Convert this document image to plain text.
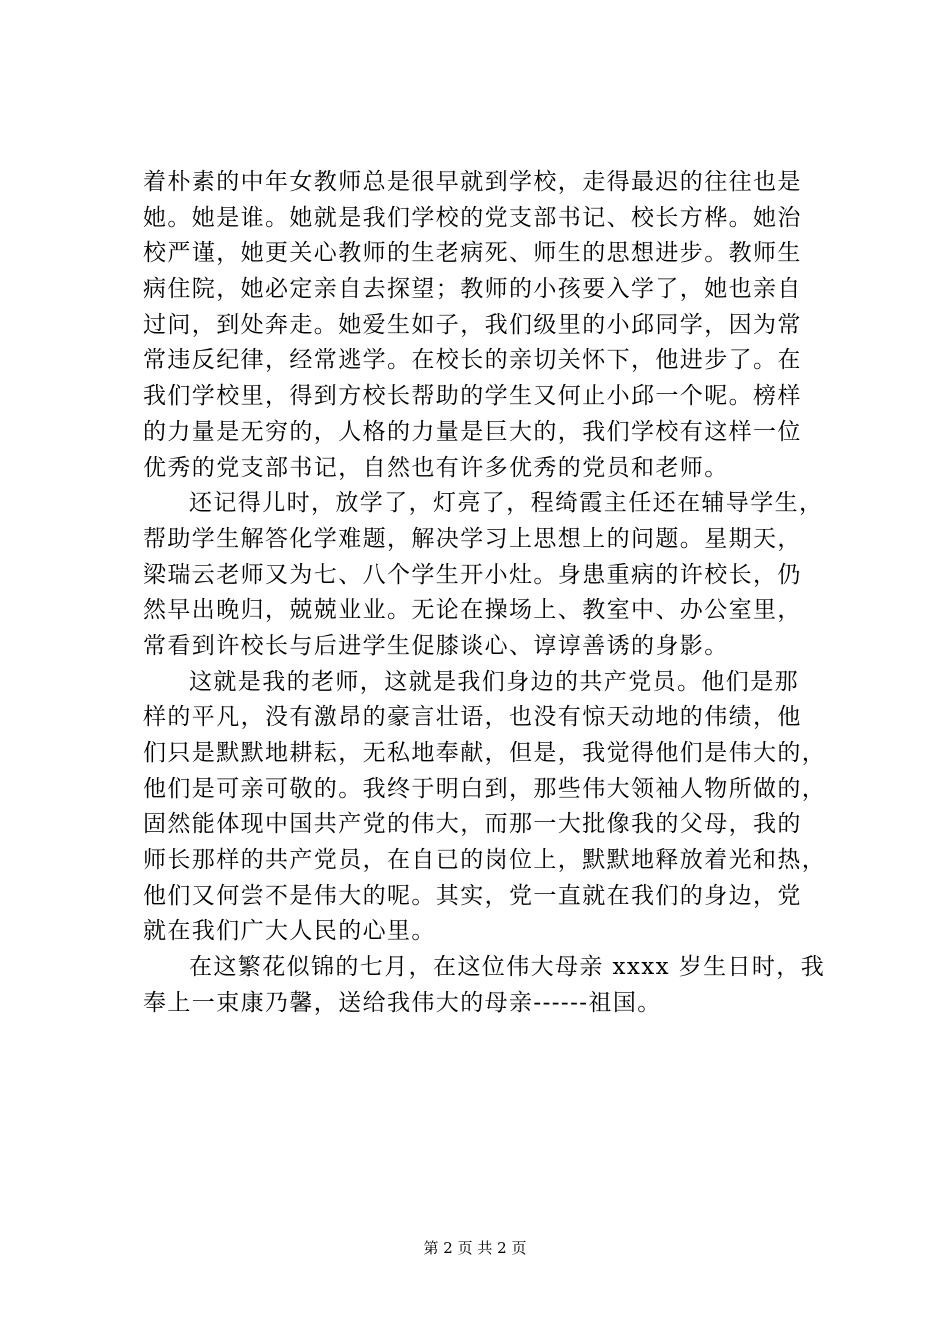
着朴素的中年女教师总是很早就到学校，走得最迟的往往也是
她。她是谁。她就是我们学校的党支部书记、校长方桦。她治
校严谨，她更关心教师的生老病死、师生的思想进步。教师生
病住院，她必定亲自去探望；教师的小孩要入学了，她也亲自
过问，到处奔走。她爱生如子，我们级里的小邱同学，因为常
常违反纪律，经常逃学。在校长的亲切关怀下，他进步了。在
我们学校里，得到方校长帮助的学生又何止小邱一个呢。榜样
的力量是无穷的，人格的力量是巨大的，我们学校有这样一位
优秀的党支部书记，自然也有许多优秀的党员和老师。
还记得儿时，放学了，灯亮了，程绮霞主任还在辅导学生，
帮助学生解答化学难题，解决学习上思想上的问题。星期天，
梁瑞云老师又为七、八个学生开小灶。身患重病的许校长，仍
然早出晚归，兢兢业业。无论在操场上、教室中、办公室里，
常看到许校长与后进学生促膝谈心、谆谆善诱的身影。
这就是我的老师，这就是我们身边的共产党员。他们是那
样的平凡，没有激昂的豪言壮语，也没有惊天动地的伟绩，他
们只是默默地耕耘，无私地奉献，但是，我觉得他们是伟大的，
他们是可亲可敬的。我终于明白到，那些伟大领袖人物所做的，
固然能体现中国共产党的伟大，而那一大批像我的父母，我的
师长那样的共产党员，在自已的岗位上，默默地释放着光和热，
他们又何尝不是伟大的呢。其实，党一直就在我们的身边，党
就在我们广大人民的心里。
在这繁花似锦的七月，在这位伟大母亲 xxxx 岁生日时，我
奉上一束康乃馨，送给我伟大的母亲------祖国。
第 2 页 共 2 页
